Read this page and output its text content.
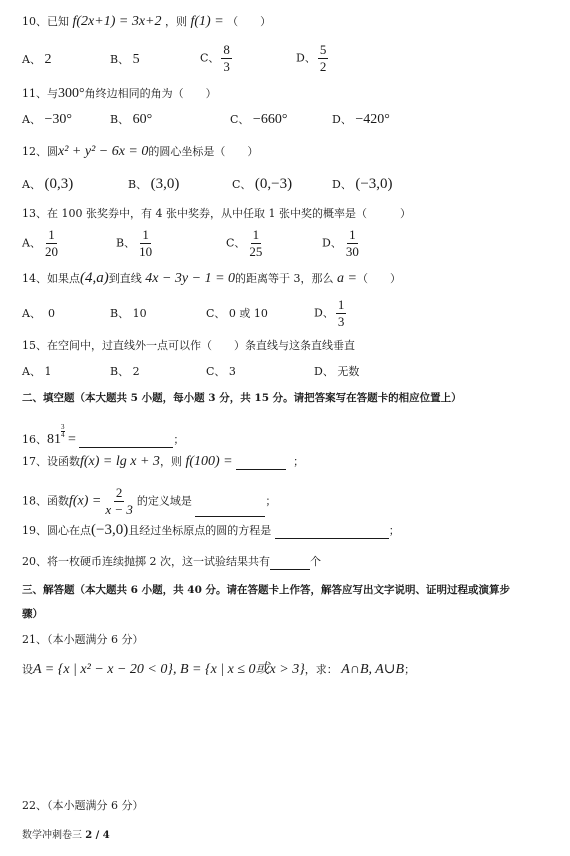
10、已知 f(2x+1) = 3x+2 ，则 f(1) = （　　）
A、 2	B、 5	C、 $\frac{8}{3}$	D、 $\frac{5}{2}$
11、与300°角终边相同的角为（　　）
A、 −30°	B、 60°	C、 −660°	D、 −420°
12、圆x² + y² − 6x = 0的圆心坐标是（　　）
A、 (0,3)	B、 (3,0)	C、 (0,−3)	D、 (−3,0)
13、在 100 张奖券中，有 4 张中奖券，从中任取 1 张中奖的概率是（　　　）
A、 $\frac{1}{20}$	B、 $\frac{1}{10}$	C、 $\frac{1}{25}$	D、 $\frac{1}{30}$
14、如果点(4,a)到直线 4x − 3y − 1 = 0的距离等于 3，那么 a =（　　）
A、 0	B、 10	C、 0 或 10	D、 $\frac{1}{3}$
15、在空间中，过直线外一点可以作（　　）条直线与这条直线垂直
A、 1	B、 2	C、 3	D、 无数
二、填空题（本大题共 5 小题，每小题 3 分，共 15 分。请把答案写在答题卡的相应位置上）
16、81
$\frac{3}{4}$
=	；
17、设函数f(x) = lg x + 3，则 f(100) =	；
18、函数$f(x) = \frac{2}{x - 3}$ 的定义域是	；
19、圆心在点(−3,0)且经过坐标原点的圆的方程是	；
20、将一枚硬币连续抛掷 2 次，这一试验结果共有	个
三、解答题（本大题共 6 小题，共 40 分。请在答题卡上作答，解答应写出文字说明、证明过程或演算步
骤）
21、（本小题满分 6 分）
设A = {x | x² − x − 20 < 0}, B = {x | x ≤ 0或x > 3}，求： A∩B, A∪B；
22、（本小题满分 6 分）
数学冲刺卷三 2 / 4
